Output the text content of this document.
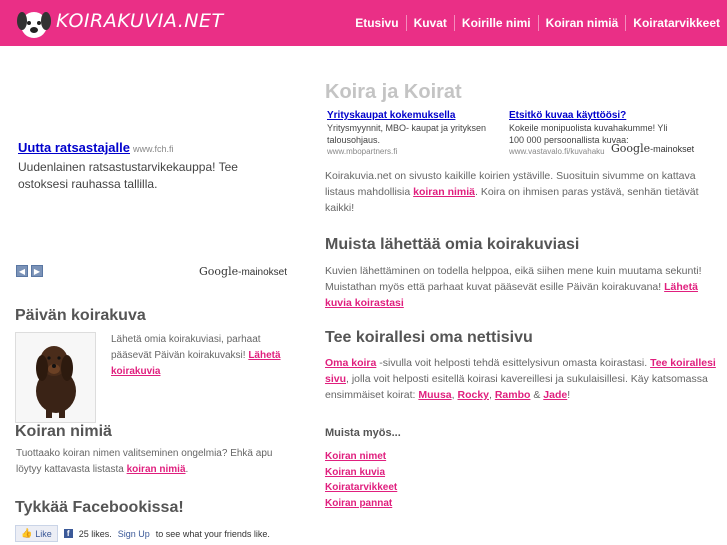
KOIRAKUVIA.NET	Etusivu	Kuvat	Koirille nimi	Koiran nimiä	Koiratarvikkeet
Uutta ratsastajalle www.fch.fi
Uudenlainen ratsastustarvikekauppa! Tee ostoksesi rauhassa tallilla.
◀	▶	Google-mainokset
Päivän koirakuva
Lähetä omia koirakuviasi, parhaat pääsevät Päivän koirakuvaksi! Lähetä koirakuvia
Koiran nimiä
Tuottaako koiran nimen valitseminen ongelmia? Ehkä apu löytyy kattavasta listasta koiran nimiä.
Tykkää Facebookissa!
👍 Like	f	25 likes. Sign Up to see what your friends like.
Koira ja Koirat
Yrityskaupat kokemuksella
Yritysmyynnit, MBO- kaupat ja yrityksen talousohjaus.
www.mbopartners.fi
Etsitkö kuvaa käyttöösi?
Kokeile monipuolista kuvahakumme! Yli 100 000 persoonallista kuvaa:
www.vastavalo.fi/kuvahaku Google-mainokset
Koirakuvia.net on sivusto kaikille koirien ystäville. Suosituin sivumme on kattava listaus mahdollisia koiran nimiä. Koira on ihmisen paras ystävä, senhän tietävät kaikki!
Muista lähettää omia koirakuviasi
Kuvien lähettäminen on todella helppoa, eikä siihen mene kuin muutama sekunti! Muistathan myös että parhaat kuvat pääsevät esille Päivän koirakuvana! Lähetä kuvia koirastasi
Tee koirallesi oma nettisivu
Oma koira -sivulla voit helposti tehdä esittelysivun omasta koirastasi. Tee koirallesi sivu, jolla voit helposti esitellä koirasi kavereillesi ja sukulaisillesi. Käy katsomassa ensimmäiset koirat: Muusa, Rocky, Rambo & Jade!
Muista myös...
Koiran nimet
Koiran kuvia
Koiratarvikkeet
Koiran pannat
